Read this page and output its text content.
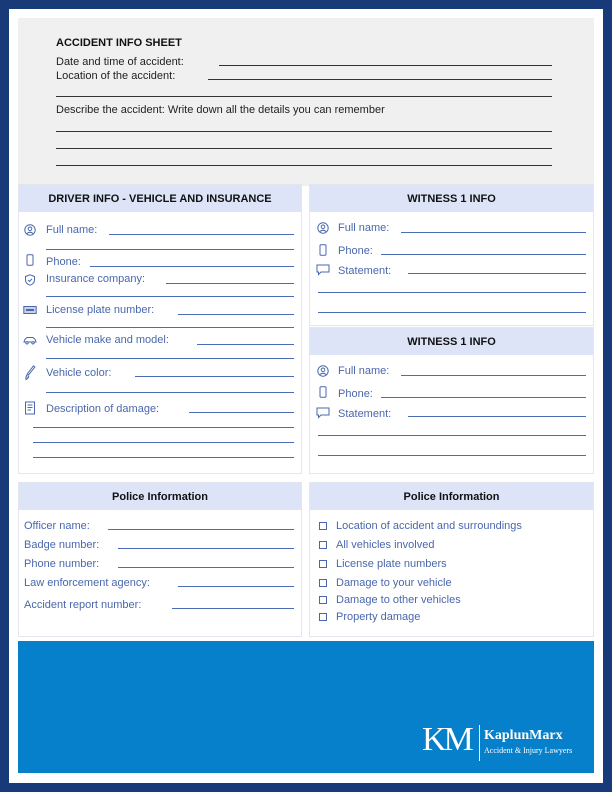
ACCIDENT INFO SHEET
Date and time of accident:
Location of the accident:
Describe the accident: Write down all the details you can remember
DRIVER INFO - VEHICLE AND INSURANCE
Full name:
Phone:
Insurance company:
License plate number:
Vehicle make and model:
Vehicle color:
Description of damage:
WITNESS 1 INFO
Full name:
Phone:
Statement:
WITNESS 1 INFO
Full name:
Phone:
Statement:
Police Information
Officer name:
Badge number:
Phone number:
Law enforcement agency:
Accident report number:
Police Information
Location of accident and surroundings
All vehicles involved
License plate numbers
Damage to your vehicle
Damage to other vehicles
Property damage
KM KaplunMarx
Accident & Injury Lawyers
